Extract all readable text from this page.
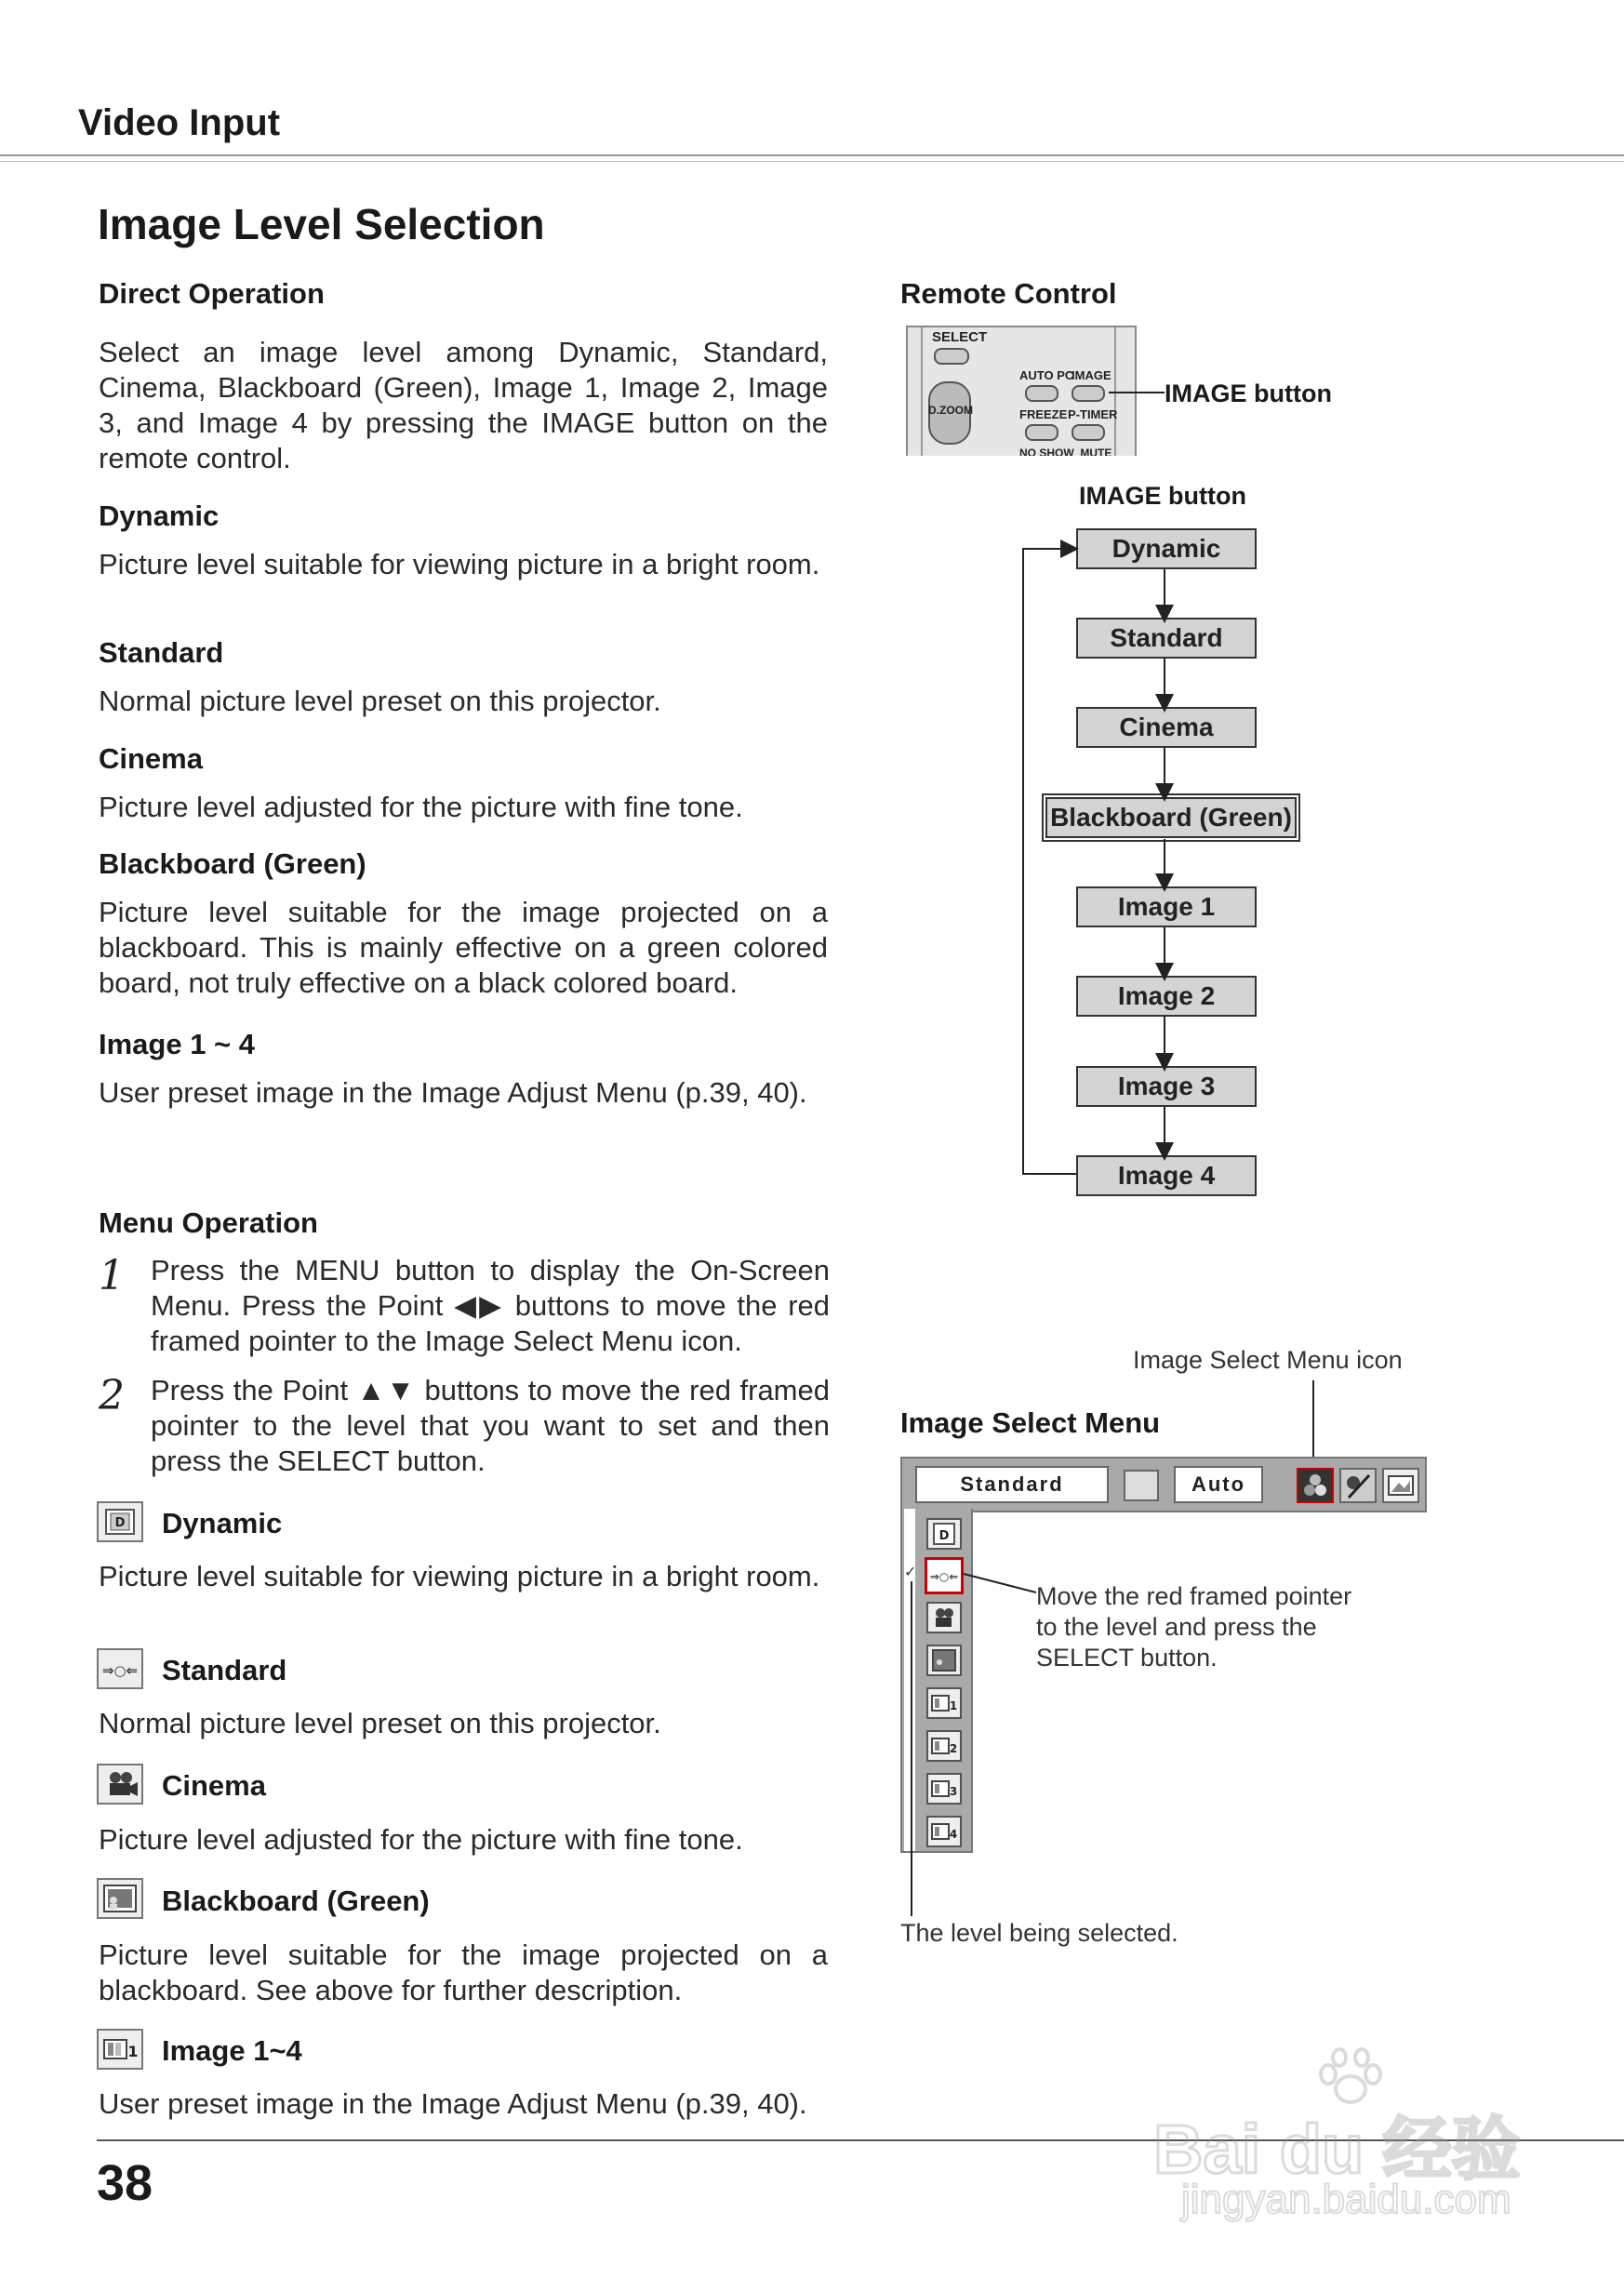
Video Input
Image Level Selection
Direct Operation
Select an image level among Dynamic, Standard, Cinema, Blackboard (Green), Image 1, Image 2, Image 3, and Image 4 by pressing the IMAGE button on the remote control.
Dynamic
Picture level suitable for viewing picture in a bright room.
Standard
Normal picture level preset on this projector.
Cinema
Picture level adjusted for the picture with fine tone.
Blackboard (Green)
Picture level suitable for the image projected on a blackboard. This is mainly effective on a green colored board, not truly effective on a black colored board.
Image 1 ~ 4
User preset image in the Image Adjust Menu (p.39, 40).
Menu Operation
1 Press the MENU button to display the On-Screen Menu. Press the Point ◀▶ buttons to move the red framed pointer to the Image Select Menu icon.
2 Press the Point ▲▼ buttons to move the red framed pointer to the level that you want to set and then press the SELECT button.
D Dynamic
Picture level suitable for viewing picture in a bright room.
⇒○⇐ Standard
Normal picture level preset on this projector.
Cinema
Picture level adjusted for the picture with fine tone.
Blackboard (Green)
Picture level suitable for the image projected on a blackboard. See above for further description.
1 Image 1~4
User preset image in the Image Adjust Menu (p.39, 40).
38
Remote Control
SELECT
AUTO PC
IMAGE
D.ZOOM	FREEZE P-TIMER
NO SHOW  MUTE
IMAGE button
IMAGE button
Dynamic
Standard
Cinema
Blackboard (Green)
Image 1
Image 2
Image 3
Image 4
Image Select Menu icon
Image Select Menu
Standard	Auto
D
⇒○⇐
✓
1
2
3
4
Move the red framed pointer to the level and press the SELECT button.
The level being selected.
Bai du 经验
jingyan.baidu.com
